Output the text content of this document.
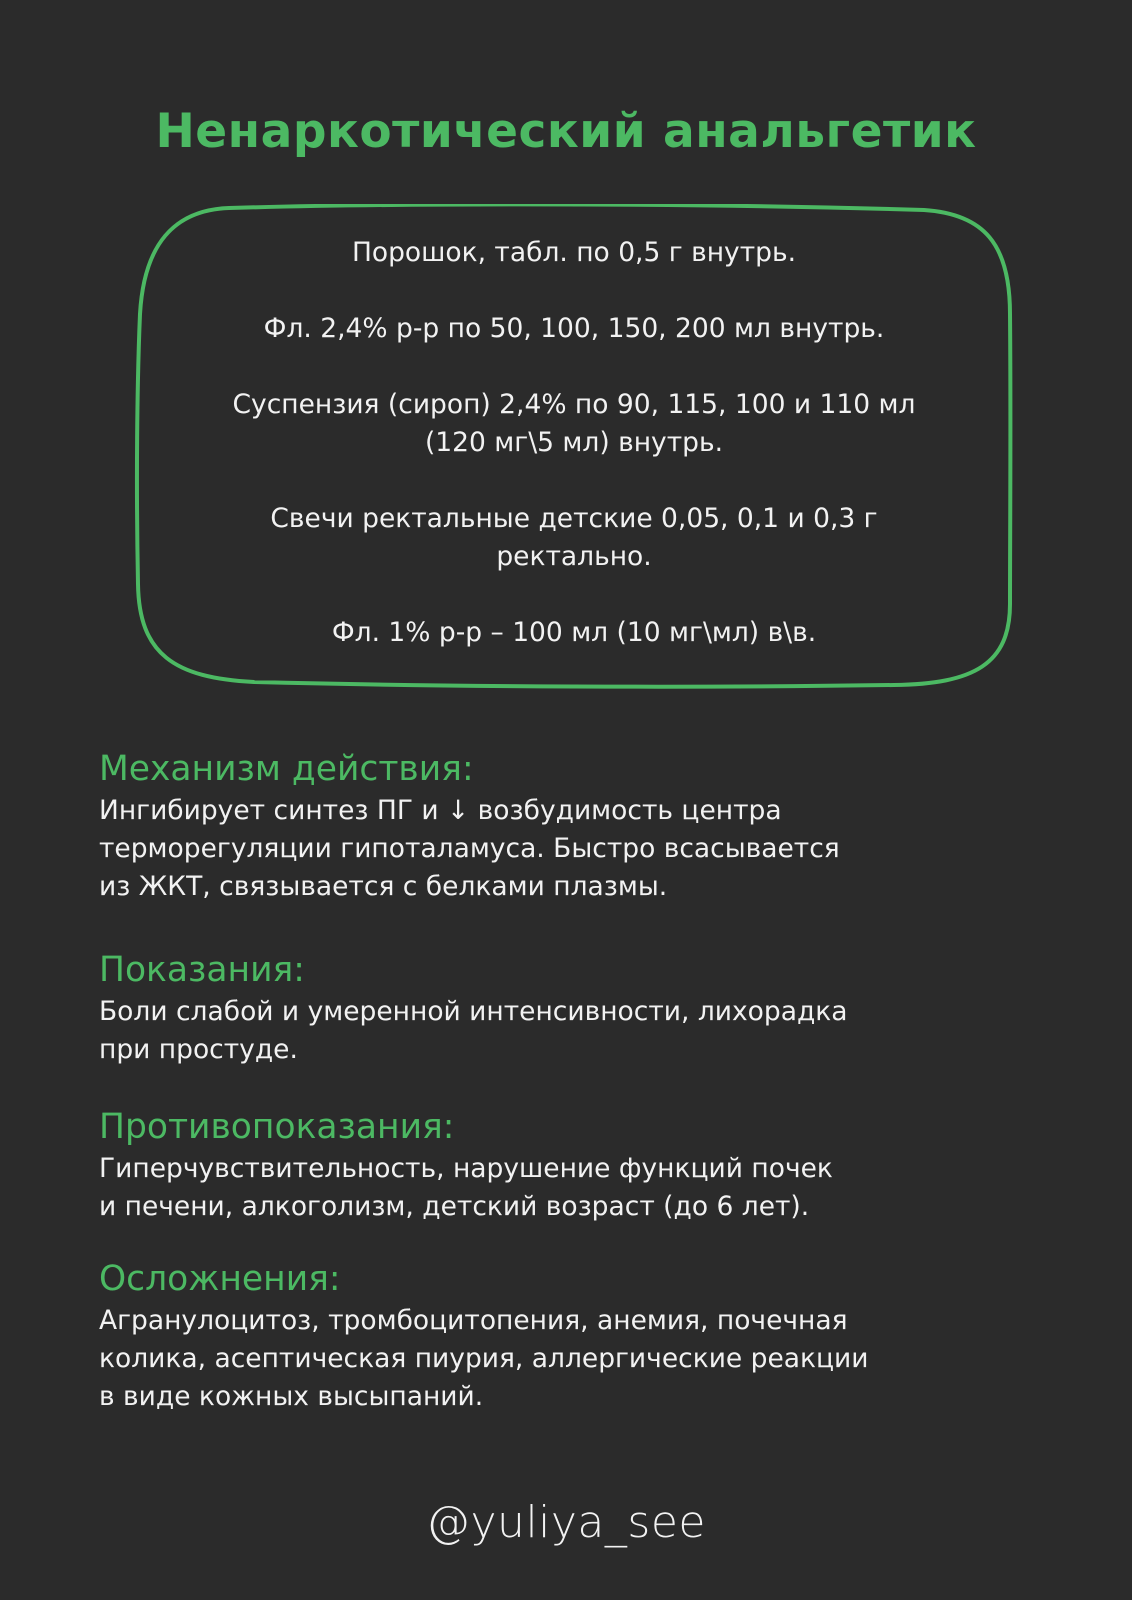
Ненаркотический анальгетик
Порошок, табл. по 0,5 г внутрь.
Фл. 2,4% р-р по 50, 100, 150, 200 мл внутрь.
Суспензия (сироп) 2,4% по 90, 115, 100 и 110 мл
(120 мг\5 мл) внутрь.
Свечи ректальные детские 0,05, 0,1 и 0,3 г
ректально.
Фл. 1% р-р – 100 мл (10 мг\мл) в\в.
Механизм действия:

Ингибирует синтез ПГ и ↓ возбудимость центра
терморегуляции гипоталамуса. Быстро всасывается
из ЖКТ, связывается с белками плазмы.

Показания:

Боли слабой и умеренной интенсивности, лихорадка
при простуде.

Противопоказания:

Гиперчувствительность, нарушение функций почек
и печени, алкоголизм, детский возраст (до 6 лет).

Осложнения:

Агранулоцитоз, тромбоцитопения, анемия, почечная
колика, асептическая пиурия, аллергические реакции
в виде кожных высыпаний.

@yuliya_see
